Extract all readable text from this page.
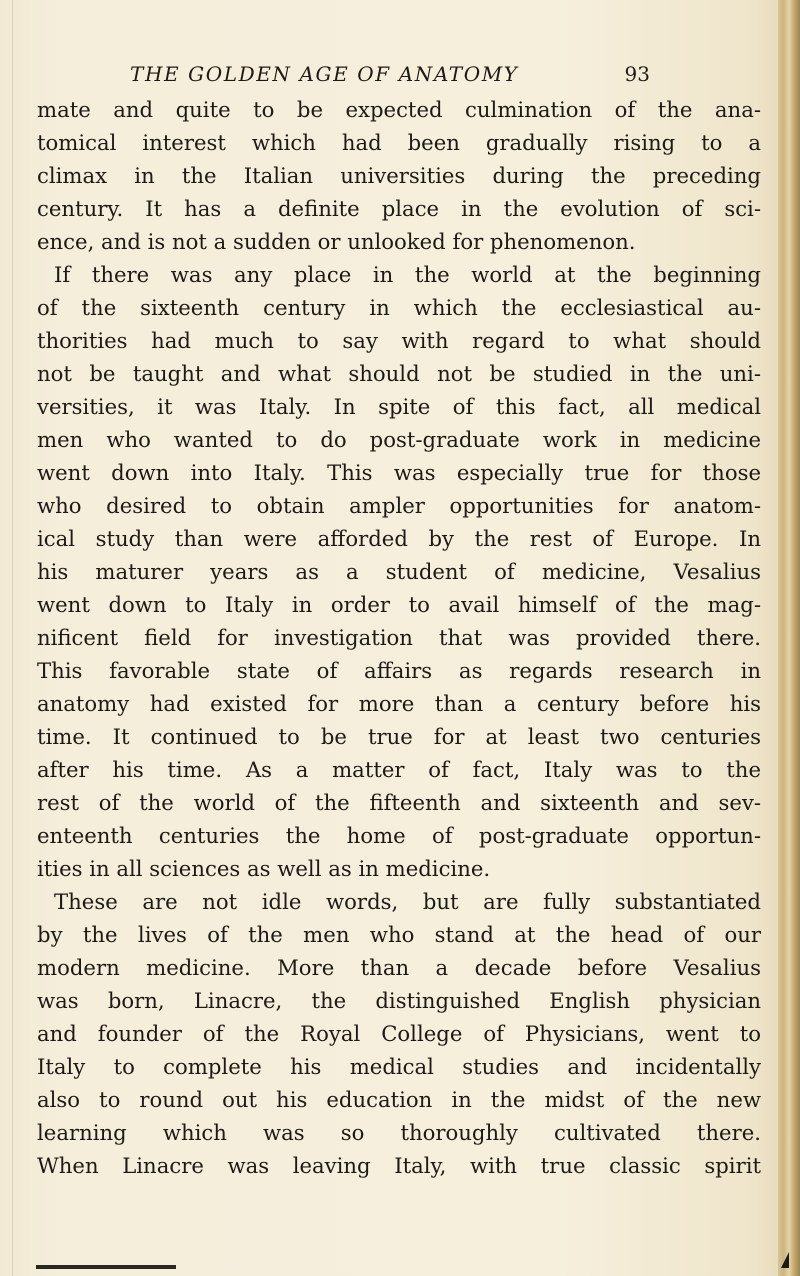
THE GOLDEN AGE OF ANATOMY	93
mate and quite to be expected culmination of the ana-
tomical interest which had been gradually rising to a
climax in the Italian universities during the preceding
century. It has a definite place in the evolution of sci-
ence, and is not a sudden or unlooked for phenomenon.
If there was any place in the world at the beginning
of the sixteenth century in which the ecclesiastical au-
thorities had much to say with regard to what should
not be taught and what should not be studied in the uni-
versities, it was Italy. In spite of this fact, all medical
men who wanted to do post-graduate work in medicine
went down into Italy. This was especially true for those
who desired to obtain ampler opportunities for anatom-
ical study than were afforded by the rest of Europe. In
his maturer years as a student of medicine, Vesalius
went down to Italy in order to avail himself of the mag-
nificent field for investigation that was provided there.
This favorable state of affairs as regards research in
anatomy had existed for more than a century before his
time. It continued to be true for at least two centuries
after his time. As a matter of fact, Italy was to the
rest of the world of the fifteenth and sixteenth and sev-
enteenth centuries the home of post-graduate opportun-
ities in all sciences as well as in medicine.
These are not idle words, but are fully substantiated
by the lives of the men who stand at the head of our
modern medicine. More than a decade before Vesalius
was born, Linacre, the distinguished English physician
and founder of the Royal College of Physicians, went to
Italy to complete his medical studies and incidentally
also to round out his education in the midst of the new
learning which was so thoroughly cultivated there.
When Linacre was leaving Italy, with true classic spirit
